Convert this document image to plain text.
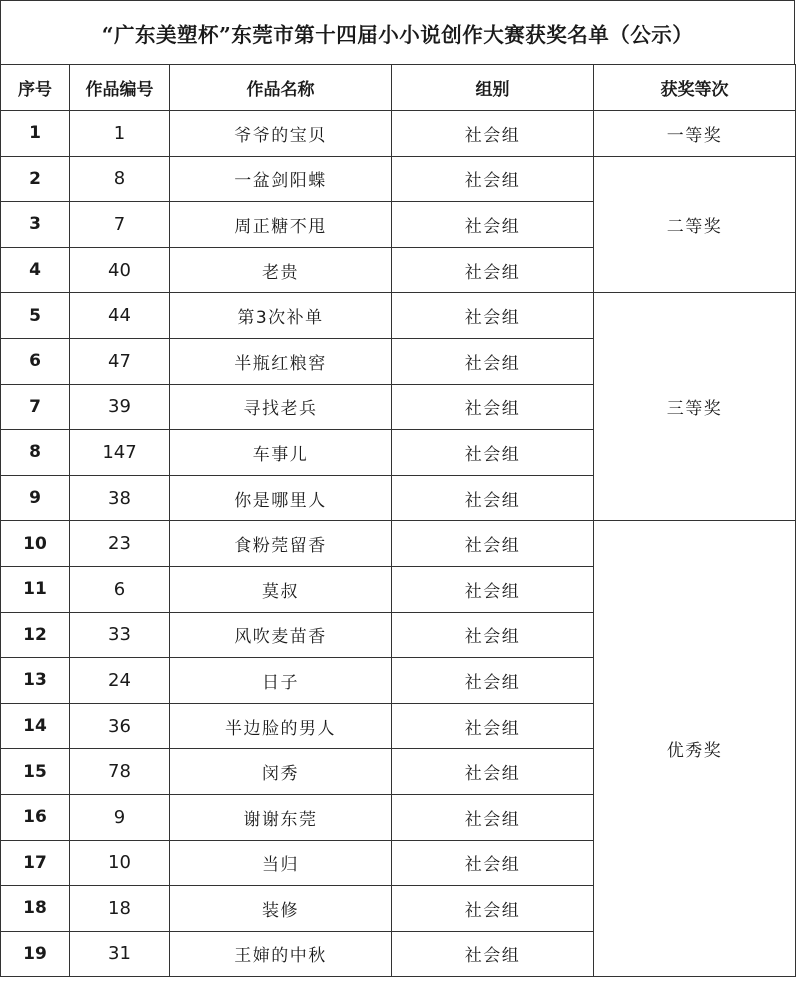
“广东美塑杯”东莞市第十四届小小说创作大赛获奖名单（公示）
序号	作品编号	作品名称	组别	获奖等次
1	1	爷爷的宝贝	社会组	一等奖
2	8	一盆剑阳蝶	社会组	二等奖
3	7	周正糖不甩	社会组	
4	40	老贵	社会组	
5	44	第3次补单	社会组	三等奖
6	47	半瓶红粮窖	社会组	
7	39	寻找老兵	社会组	
8	147	车事儿	社会组	
9	38	你是哪里人	社会组	
10	23	食粉莞留香	社会组	优秀奖
11	6	莫叔	社会组	
12	33	风吹麦苗香	社会组	
13	24	日子	社会组	
14	36	半边脸的男人	社会组	
15	78	闵秀	社会组	
16	9	谢谢东莞	社会组	
17	10	当归	社会组	
18	18	装修	社会组	
19	31	王婶的中秋	社会组	
